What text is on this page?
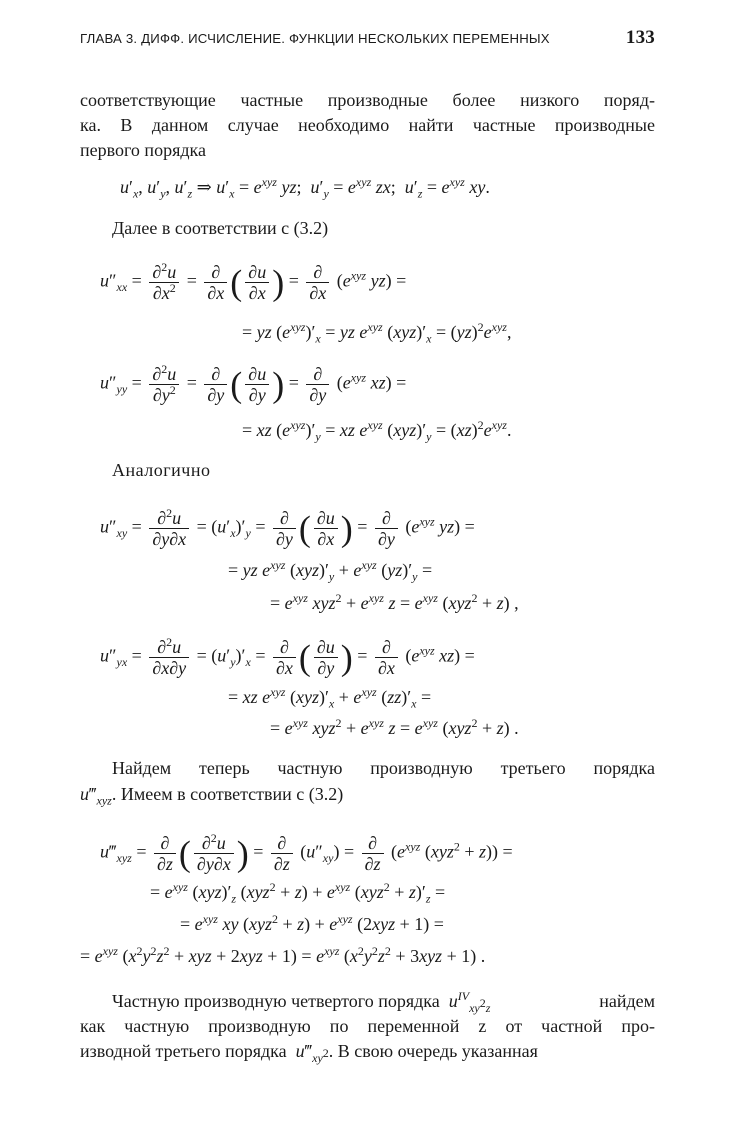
ГЛАВА 3. ДИФФ. ИСЧИСЛЕНИЕ. ФУНКЦИИ НЕСКОЛЬКИХ ПЕРЕМЕННЫХ	133
соответствующие частные производные более низкого поряд-
ка. В данном случае необходимо найти частные производные
первого порядка
$u'_x$, $u'_y$, $u'_z$ ⇒ $u'_x = e^{xyz}$ yz;  $u'_y = e^{xyz}$ zx;  $u'_z = e^{xyz}$ xy.
Далее в соответствии с (3.2)
$u''_{xx} = \frac{\partial^2u}{\partial x^2}$ = ∂
∂x ( $\frac{\partial u}{\partial x}$ ) = ∂
∂x
($e^{xyz}$ yz) =
= yz $(e^{xyz})'_x$ = yz $e^{xyz}$ $(xyz)'_x = (yz)^2e^{xyz}$,
$u''_{yy} = \frac{\partial^2u}{\partial y^2}$ = ∂
∂y ( $\frac{\partial u}{\partial y}$ ) = ∂
∂y
($e^{xyz}$ xz) =
= xz $(e^{xyz})'_y$ = xz $e^{xyz}$ $(xyz)'_y = (xz)^2e^{xyz}$.
Аналогично
$u''_{xy} = \frac{\partial^2u}{\partial y\partial x} = (u'_x)'_y$ = ∂
∂y ( $\frac{\partial u}{\partial x}$ ) = ∂
∂y
($e^{xyz}$ yz) =
= yz $e^{xyz}$ $(xyz)'_y + e^{xyz}$ $(yz)'_y$ =
= $e^{xyz}$ $xyz^2 + e^{xyz}$ $z = e^{xyz}$ (xyz$^2$ + z) ,
$u''_{yx} = \frac{\partial^2u}{\partial x\partial y} = (u'_y)'_x$ = ∂
∂x ( $\frac{\partial u}{\partial y}$ ) = ∂
∂x
($e^{xyz}$ xz) =
= xz $e^{xyz}$ $(xyz)'_x + e^{xyz}$ $(zz)'_x$ =
= $e^{xyz}$ $xyz^2 + e^{xyz}$ $z = e^{xyz}$ (xyz$^2$ + z) .
Найдем теперь частную производную третьего порядка
$u‴_{xyz}$. Имеем в соответствии с (3.2)
$u‴_{xyz}$ = ∂
∂z ( $\frac{\partial^2u}{\partial y\partial x}$ ) = ∂
∂z
$(u''_{xy})$ = ∂
∂z
($e^{xyz}$ (xyz$^2$ + z)) =
= $e^{xyz}$ $(xyz)'_z$ $(xyz^2 + z) + e^{xyz}$ $(xyz^2 + z)'_z$ =
= $e^{xyz}$ xy $(xyz^2 + z) + e^{xyz}$ (2xyz + 1) =
= $e^{xyz}$ ($x^2y^2z^2$ + xyz + $2xyz + 1) = e^{xyz}$ $(x^2y^2z^2 + 3xyz + 1)$ .
Частную производную четвертого порядка $u^{IV}_{xy^2z}$	найдем
как частную производную по переменной z от частной про-
изводной третьего порядка $u‴_{xy^2}$. В свою очередь указанная
